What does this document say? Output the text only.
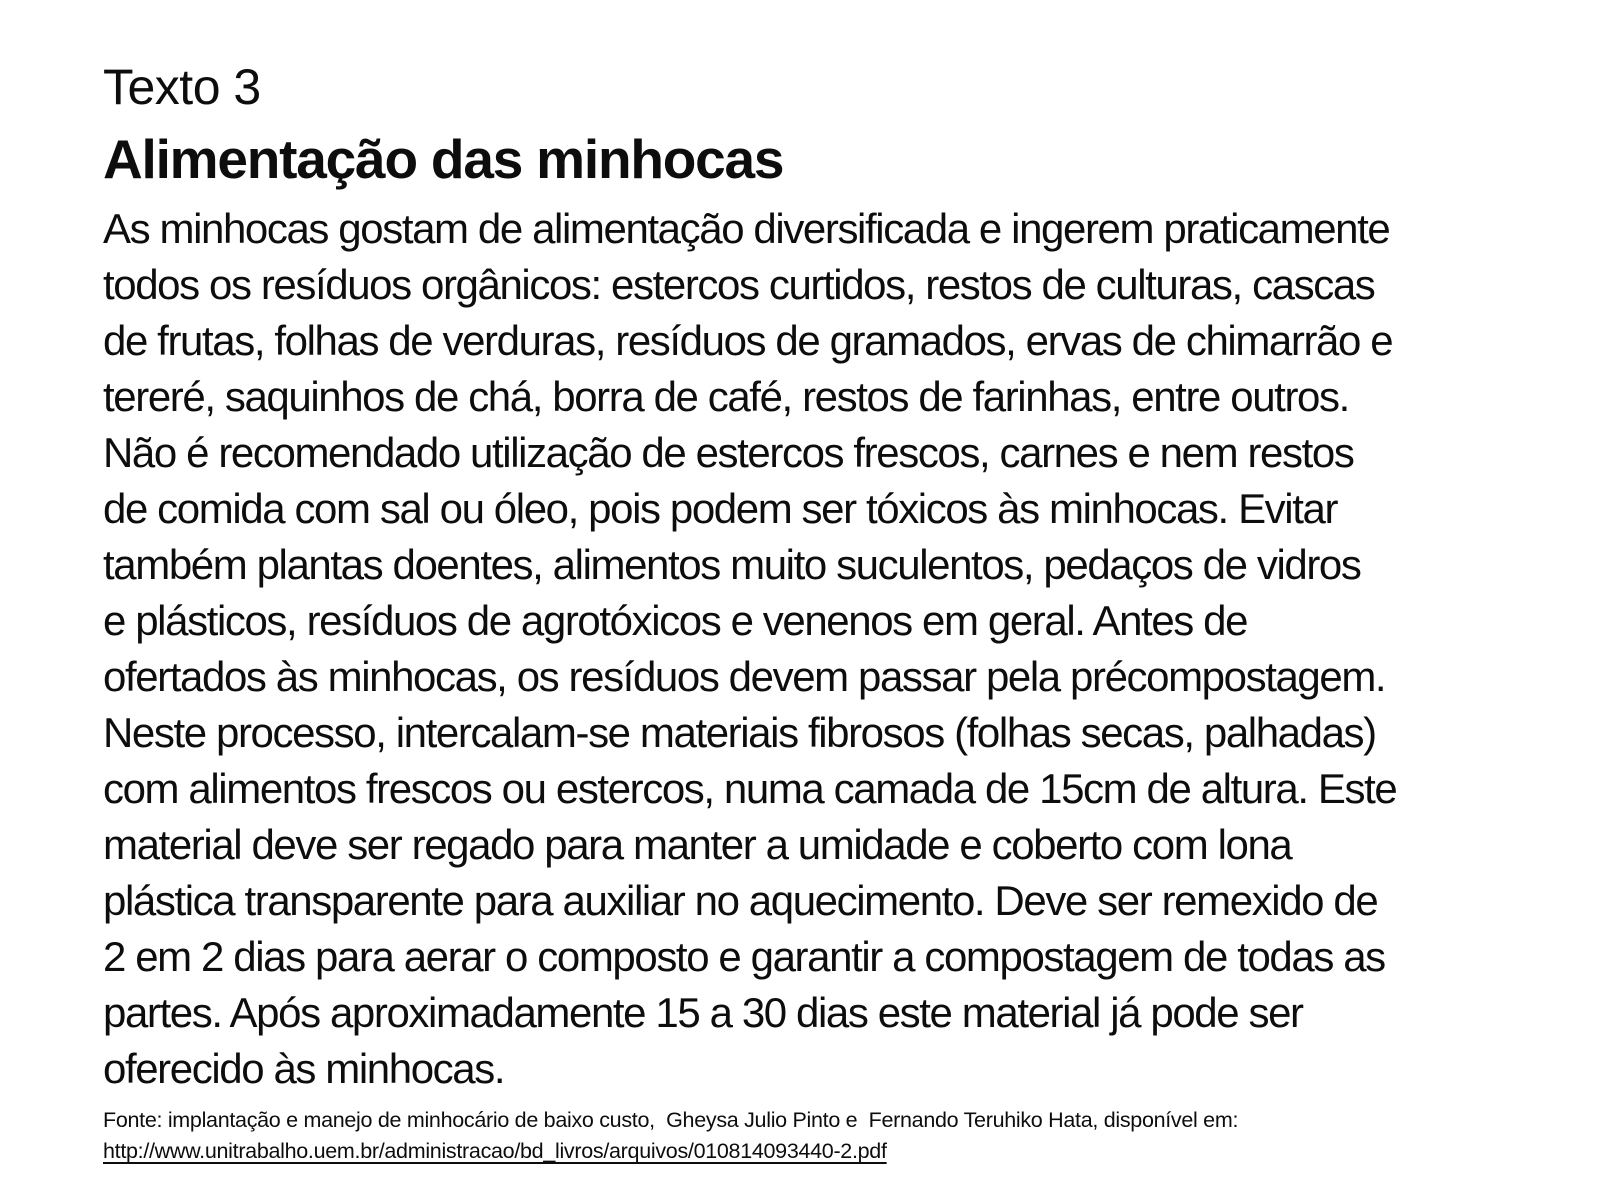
Texto 3
Alimentação das minhocas
As minhocas gostam de alimentação diversificada e ingerem praticamente
todos os resíduos orgânicos: estercos curtidos, restos de culturas, cascas
de frutas, folhas de verduras, resíduos de gramados, ervas de chimarrão e
tereré, saquinhos de chá, borra de café, restos de farinhas, entre outros.
Não é recomendado utilização de estercos frescos, carnes e nem restos
de comida com sal ou óleo, pois podem ser tóxicos às minhocas. Evitar
também plantas doentes, alimentos muito suculentos, pedaços de vidros
e plásticos, resíduos de agrotóxicos e venenos em geral. Antes de
ofertados às minhocas, os resíduos devem passar pela précompostagem.
Neste processo, intercalam-se materiais fibrosos (folhas secas, palhadas)
com alimentos frescos ou estercos, numa camada de 15cm de altura. Este
material deve ser regado para manter a umidade e coberto com lona
plástica transparente para auxiliar no aquecimento. Deve ser remexido de
2 em 2 dias para aerar o composto e garantir a compostagem de todas as
partes. Após aproximadamente 15 a 30 dias este material já pode ser
oferecido às minhocas.
Fonte: implantação e manejo de minhocário de baixo custo,  Gheysa Julio Pinto e  Fernando Teruhiko Hata, disponível em:
http://www.unitrabalho.uem.br/administracao/bd_livros/arquivos/010814093440-2.pdf
